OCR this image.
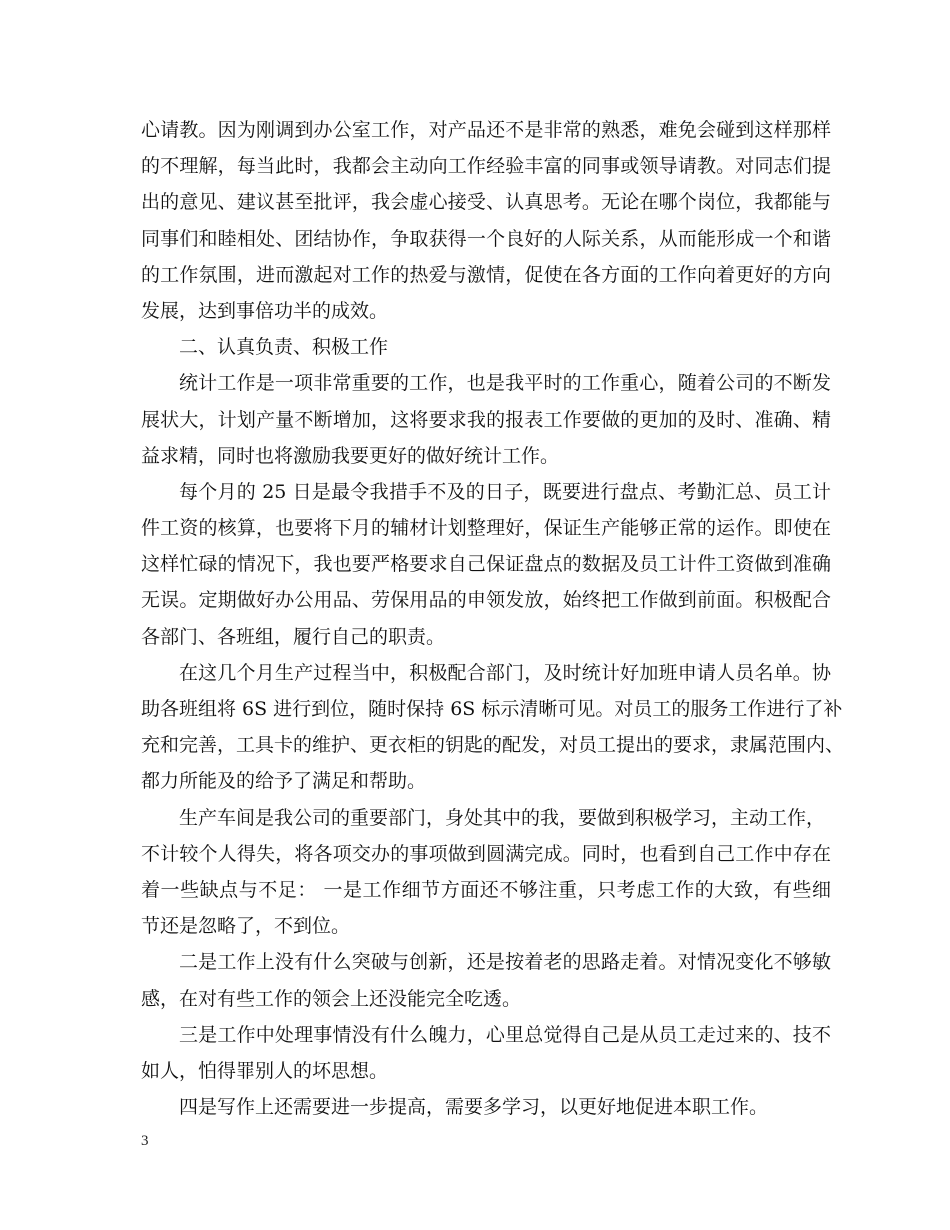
心请教。因为刚调到办公室工作，对产品还不是非常的熟悉，难免会碰到这样那样
的不理解，每当此时，我都会主动向工作经验丰富的同事或领导请教。对同志们提
出的意见、建议甚至批评，我会虚心接受、认真思考。无论在哪个岗位，我都能与
同事们和睦相处、团结协作，争取获得一个良好的人际关系，从而能形成一个和谐
的工作氛围，进而激起对工作的热爱与激情，促使在各方面的工作向着更好的方向
发展，达到事倍功半的成效。
二、认真负责、积极工作
统计工作是一项非常重要的工作，也是我平时的工作重心，随着公司的不断发
展状大，计划产量不断增加，这将要求我的报表工作要做的更加的及时、准确、精
益求精，同时也将激励我要更好的做好统计工作。
每个月的 25 日是最令我措手不及的日子，既要进行盘点、考勤汇总、员工计
件工资的核算，也要将下月的辅材计划整理好，保证生产能够正常的运作。即使在
这样忙碌的情况下，我也要严格要求自己保证盘点的数据及员工计件工资做到准确
无误。定期做好办公用品、劳保用品的申领发放，始终把工作做到前面。积极配合
各部门、各班组，履行自己的职责。
在这几个月生产过程当中，积极配合部门，及时统计好加班申请人员名单。协
助各班组将 6S 进行到位，随时保持 6S 标示清晰可见。对员工的服务工作进行了补
充和完善，工具卡的维护、更衣柜的钥匙的配发，对员工提出的要求，隶属范围内、
都力所能及的给予了满足和帮助。
生产车间是我公司的重要部门，身处其中的我，要做到积极学习，主动工作，
不计较个人得失，将各项交办的事项做到圆满完成。同时，也看到自己工作中存在
着一些缺点与不足： 一是工作细节方面还不够注重，只考虑工作的大致，有些细
节还是忽略了，不到位。
二是工作上没有什么突破与创新，还是按着老的思路走着。对情况变化不够敏
感，在对有些工作的领会上还没能完全吃透。
三是工作中处理事情没有什么魄力，心里总觉得自己是从员工走过来的、技不
如人，怕得罪别人的坏思想。
四是写作上还需要进一步提高，需要多学习，以更好地促进本职工作。
3
